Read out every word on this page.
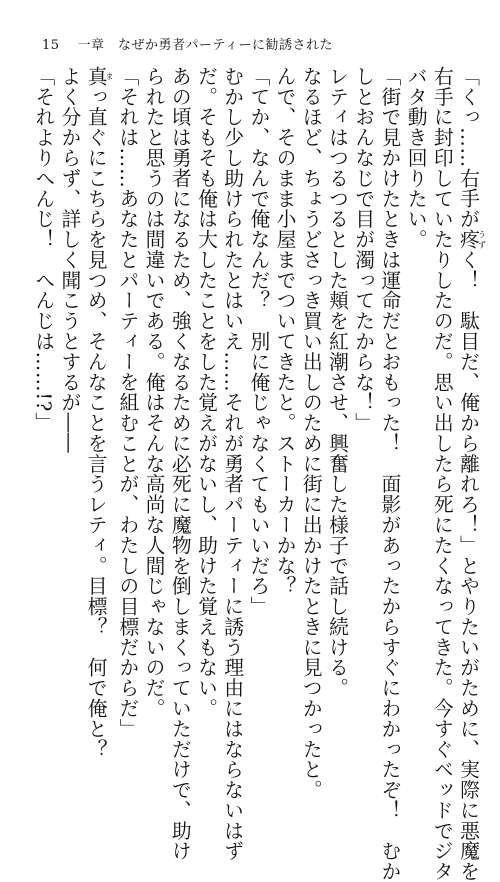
15 一章　なぜか勇者パーティーに勧誘された
「くっ……右手が疼うずく！　駄目だ、俺から離れろ！」とやりたいがために、実際に悪魔を
右手に封印していたりしたのだ。思い出したら死にたくなってきた。今すぐベッドでジタ
バタ動き回りたい。
「街で見かけたときは運命だとおもった！　面影があったからすぐにわかったぞ！　むか
しとおんなじで目が濁ってたからな！」
レティはつるつるとした頬を紅潮させ、興奮した様子で話し続ける。
なるほど、ちょうどさっき買い出しのために街に出かけたときに見つかったと。
んで、そのまま小屋までついてきたと。ストーカーかな？
「てか、なんで俺なんだ？　別に俺じゃなくてもいいだろ」
むかし少し助けられたとはいえ……それが勇者パーティーに誘う理由にはならないはず
だ。そもそも俺は大したことをした覚えがないし、助けた覚えもない。
あの頃は勇者になるため、強くなるために必死に魔物を倒しまくっていただけで、助け
られたと思うのは間違いである。俺はそんな高尚な人間じゃないのだ。
「それは……あなたとパーティーを組むことが、わたしの目標だからだ」
真まっ直ぐにこちらを見つめ、そんなことを言うレティ。目標？　何で俺と？
よく分からず、詳しく聞こうとするが――
「それよりへんじ！　へんじは……!?」
